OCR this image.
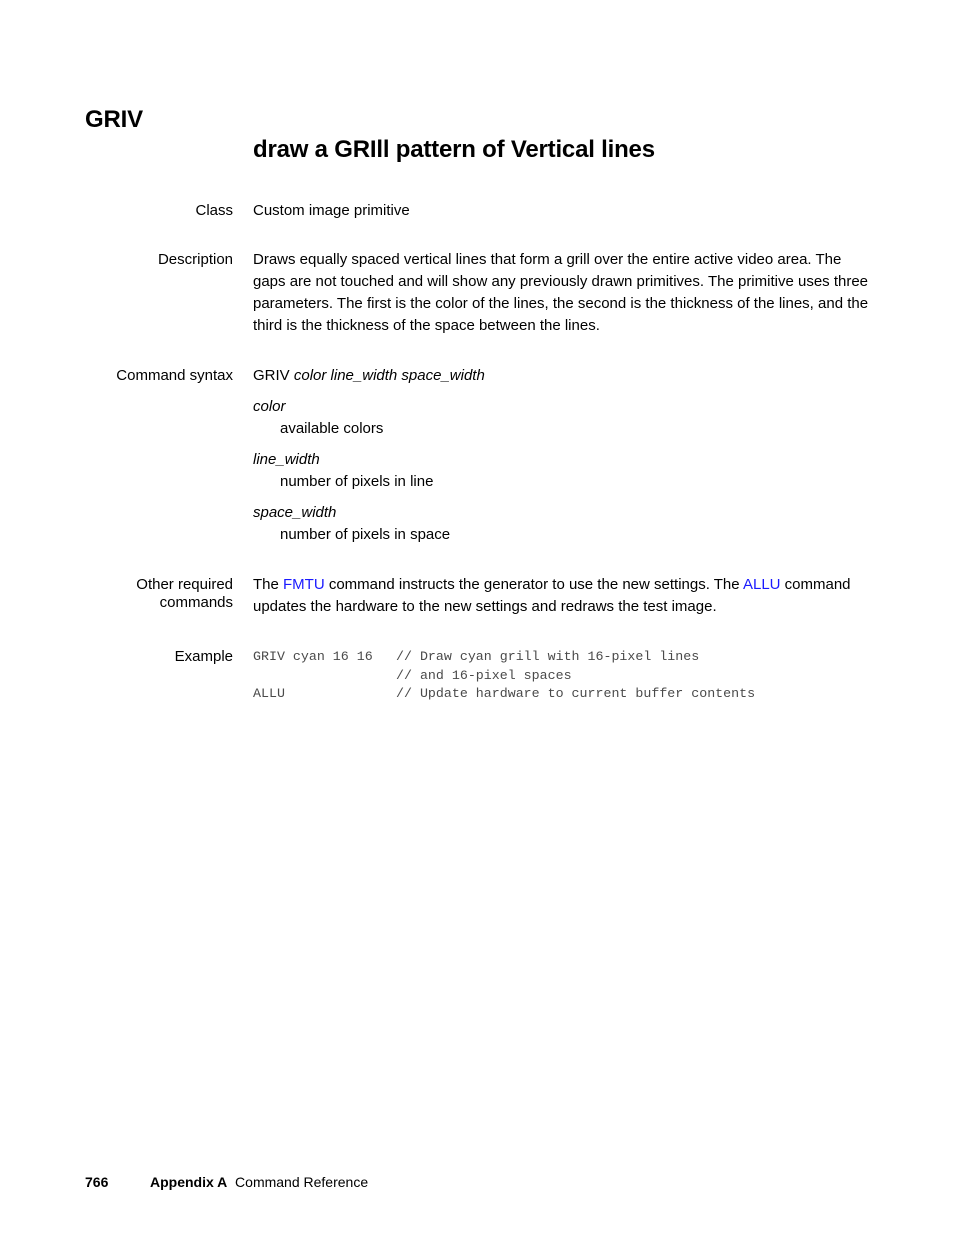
GRIV
draw a GRIll pattern of Vertical lines
Class Custom image primitive
Description Draws equally spaced vertical lines that form a grill over the entire active video area. The gaps are not touched and will show any previously drawn primitives. The primitive uses three parameters. The first is the color of the lines, the second is the thickness of the lines, and the third is the thickness of the space between the lines.
Command syntax GRIV color line_width space_width
color
available colors
line_width
number of pixels in line
space_width
number of pixels in space
Other required
commands
The FMTU command instructs the generator to use the new settings. The ALLU command updates the hardware to the new settings and redraws the test image.
Example GRIV cyan 16 16 // Draw cyan grill with 16-pixel lines
// and 16-pixel spaces
ALLU	// Update hardware to current buffer contents
766	Appendix A Command Reference
